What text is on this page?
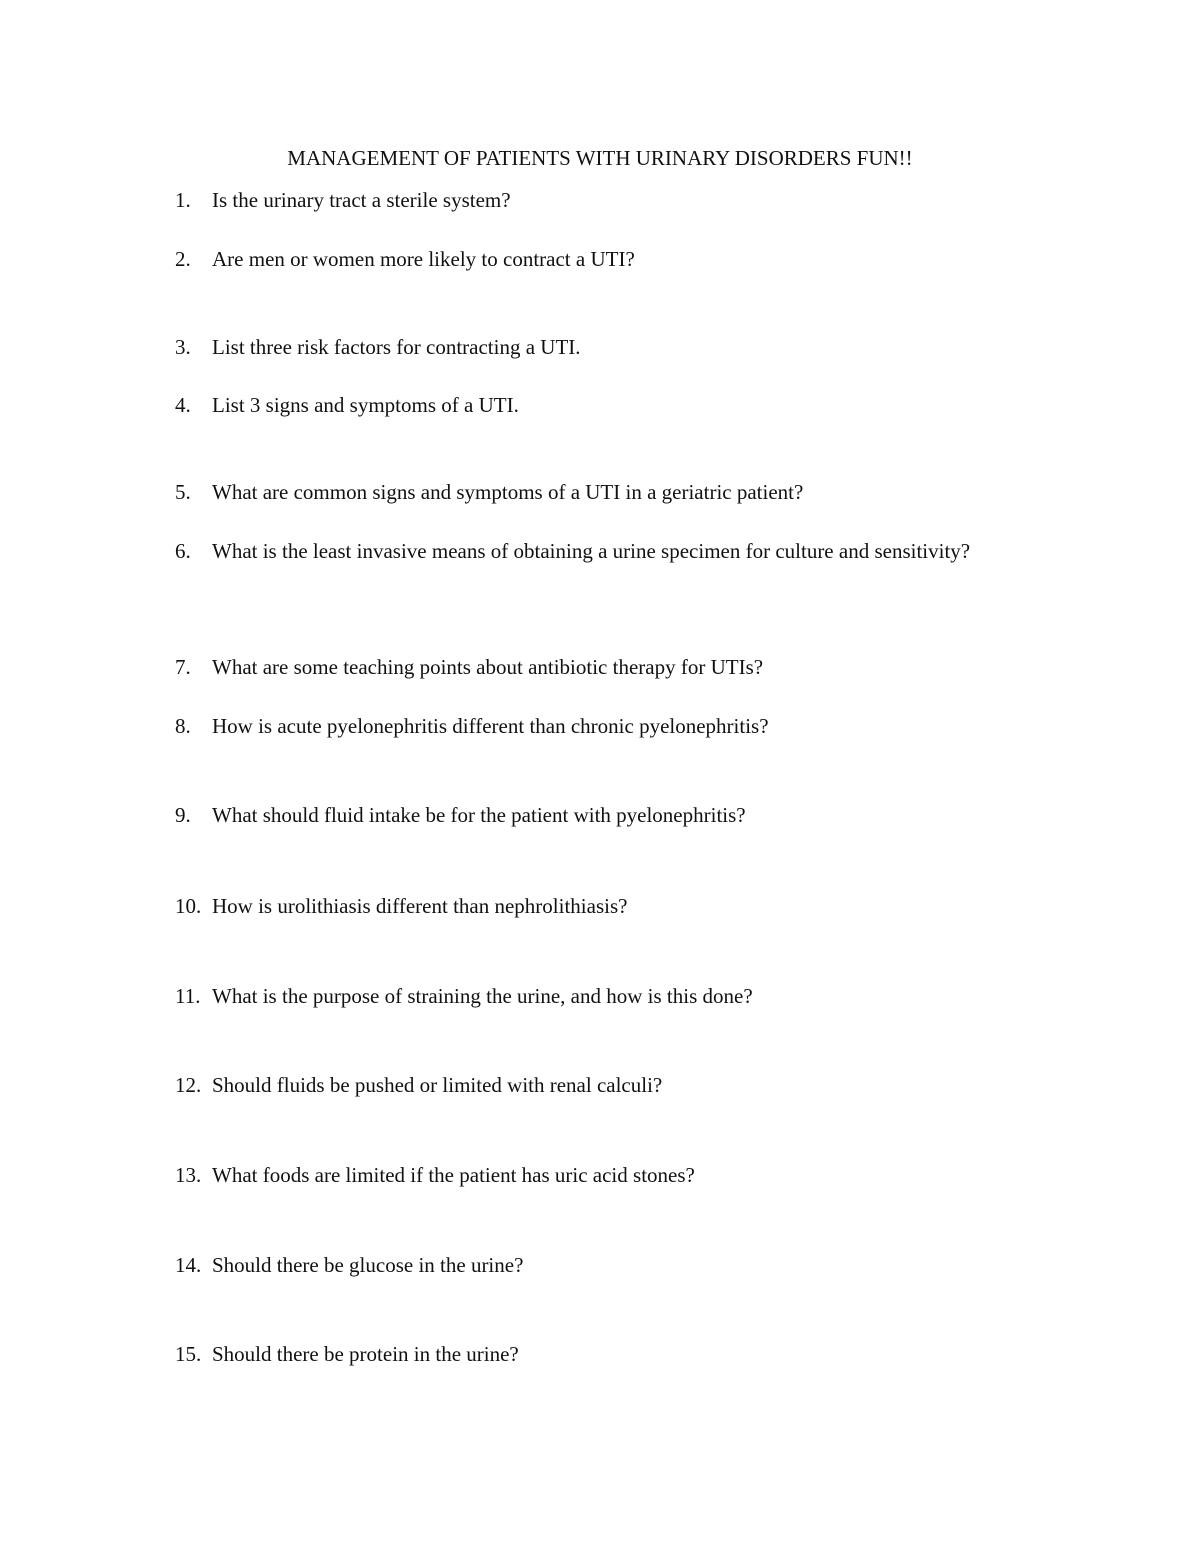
MANAGEMENT OF PATIENTS WITH URINARY DISORDERS FUN!!
1. Is the urinary tract a sterile system?
2. Are men or women more likely to contract a UTI?
3. List three risk factors for contracting a UTI.
4. List 3 signs and symptoms of a UTI.
5. What are common signs and symptoms of a UTI in a geriatric patient?
6. What is the least invasive means of obtaining a urine specimen for culture and sensitivity?
7. What are some teaching points about antibiotic therapy for UTIs?
8. How is acute pyelonephritis different than chronic pyelonephritis?
9. What should fluid intake be for the patient with pyelonephritis?
10. How is urolithiasis different than nephrolithiasis?
11. What is the purpose of straining the urine, and how is this done?
12. Should fluids be pushed or limited with renal calculi?
13. What foods are limited if the patient has uric acid stones?
14. Should there be glucose in the urine?
15. Should there be protein in the urine?
